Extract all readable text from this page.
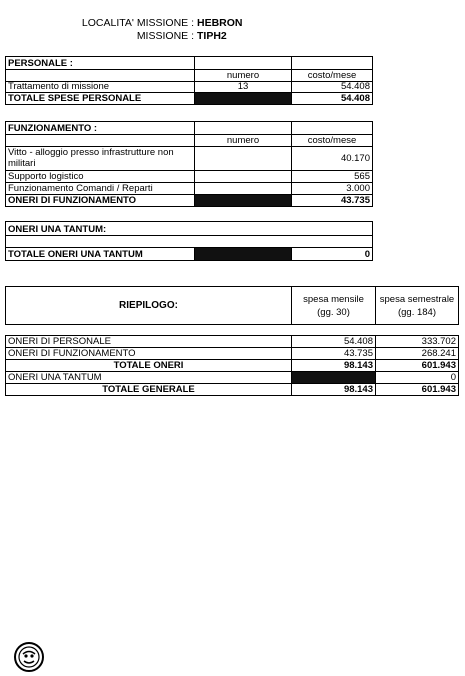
LOCALITA' MISSIONE : HEBRON
MISSIONE : TIPH2
PERSONALE :		
	numero	costo/mese
Trattamento di missione	13	54.408
TOTALE SPESE PERSONALE		54.408
FUNZIONAMENTO :		
	numero	costo/mese
Vitto - alloggio presso infrastrutture non militari		40.170
Supporto logistico		565
Funzionamento Comandi / Reparti		3.000
ONERI DI FUNZIONAMENTO		43.735
ONERI UNA TANTUM:

TOTALE ONERI UNA TANTUM		0
RIEPILOGO:	spesa mensile (gg. 30)	spesa semestrale (gg. 184)
ONERI DI PERSONALE	54.408	333.702
ONERI DI FUNZIONAMENTO	43.735	268.241
TOTALE ONERI	98.143	601.943
ONERI UNA TANTUM		0
TOTALE GENERALE	98.143	601.943
